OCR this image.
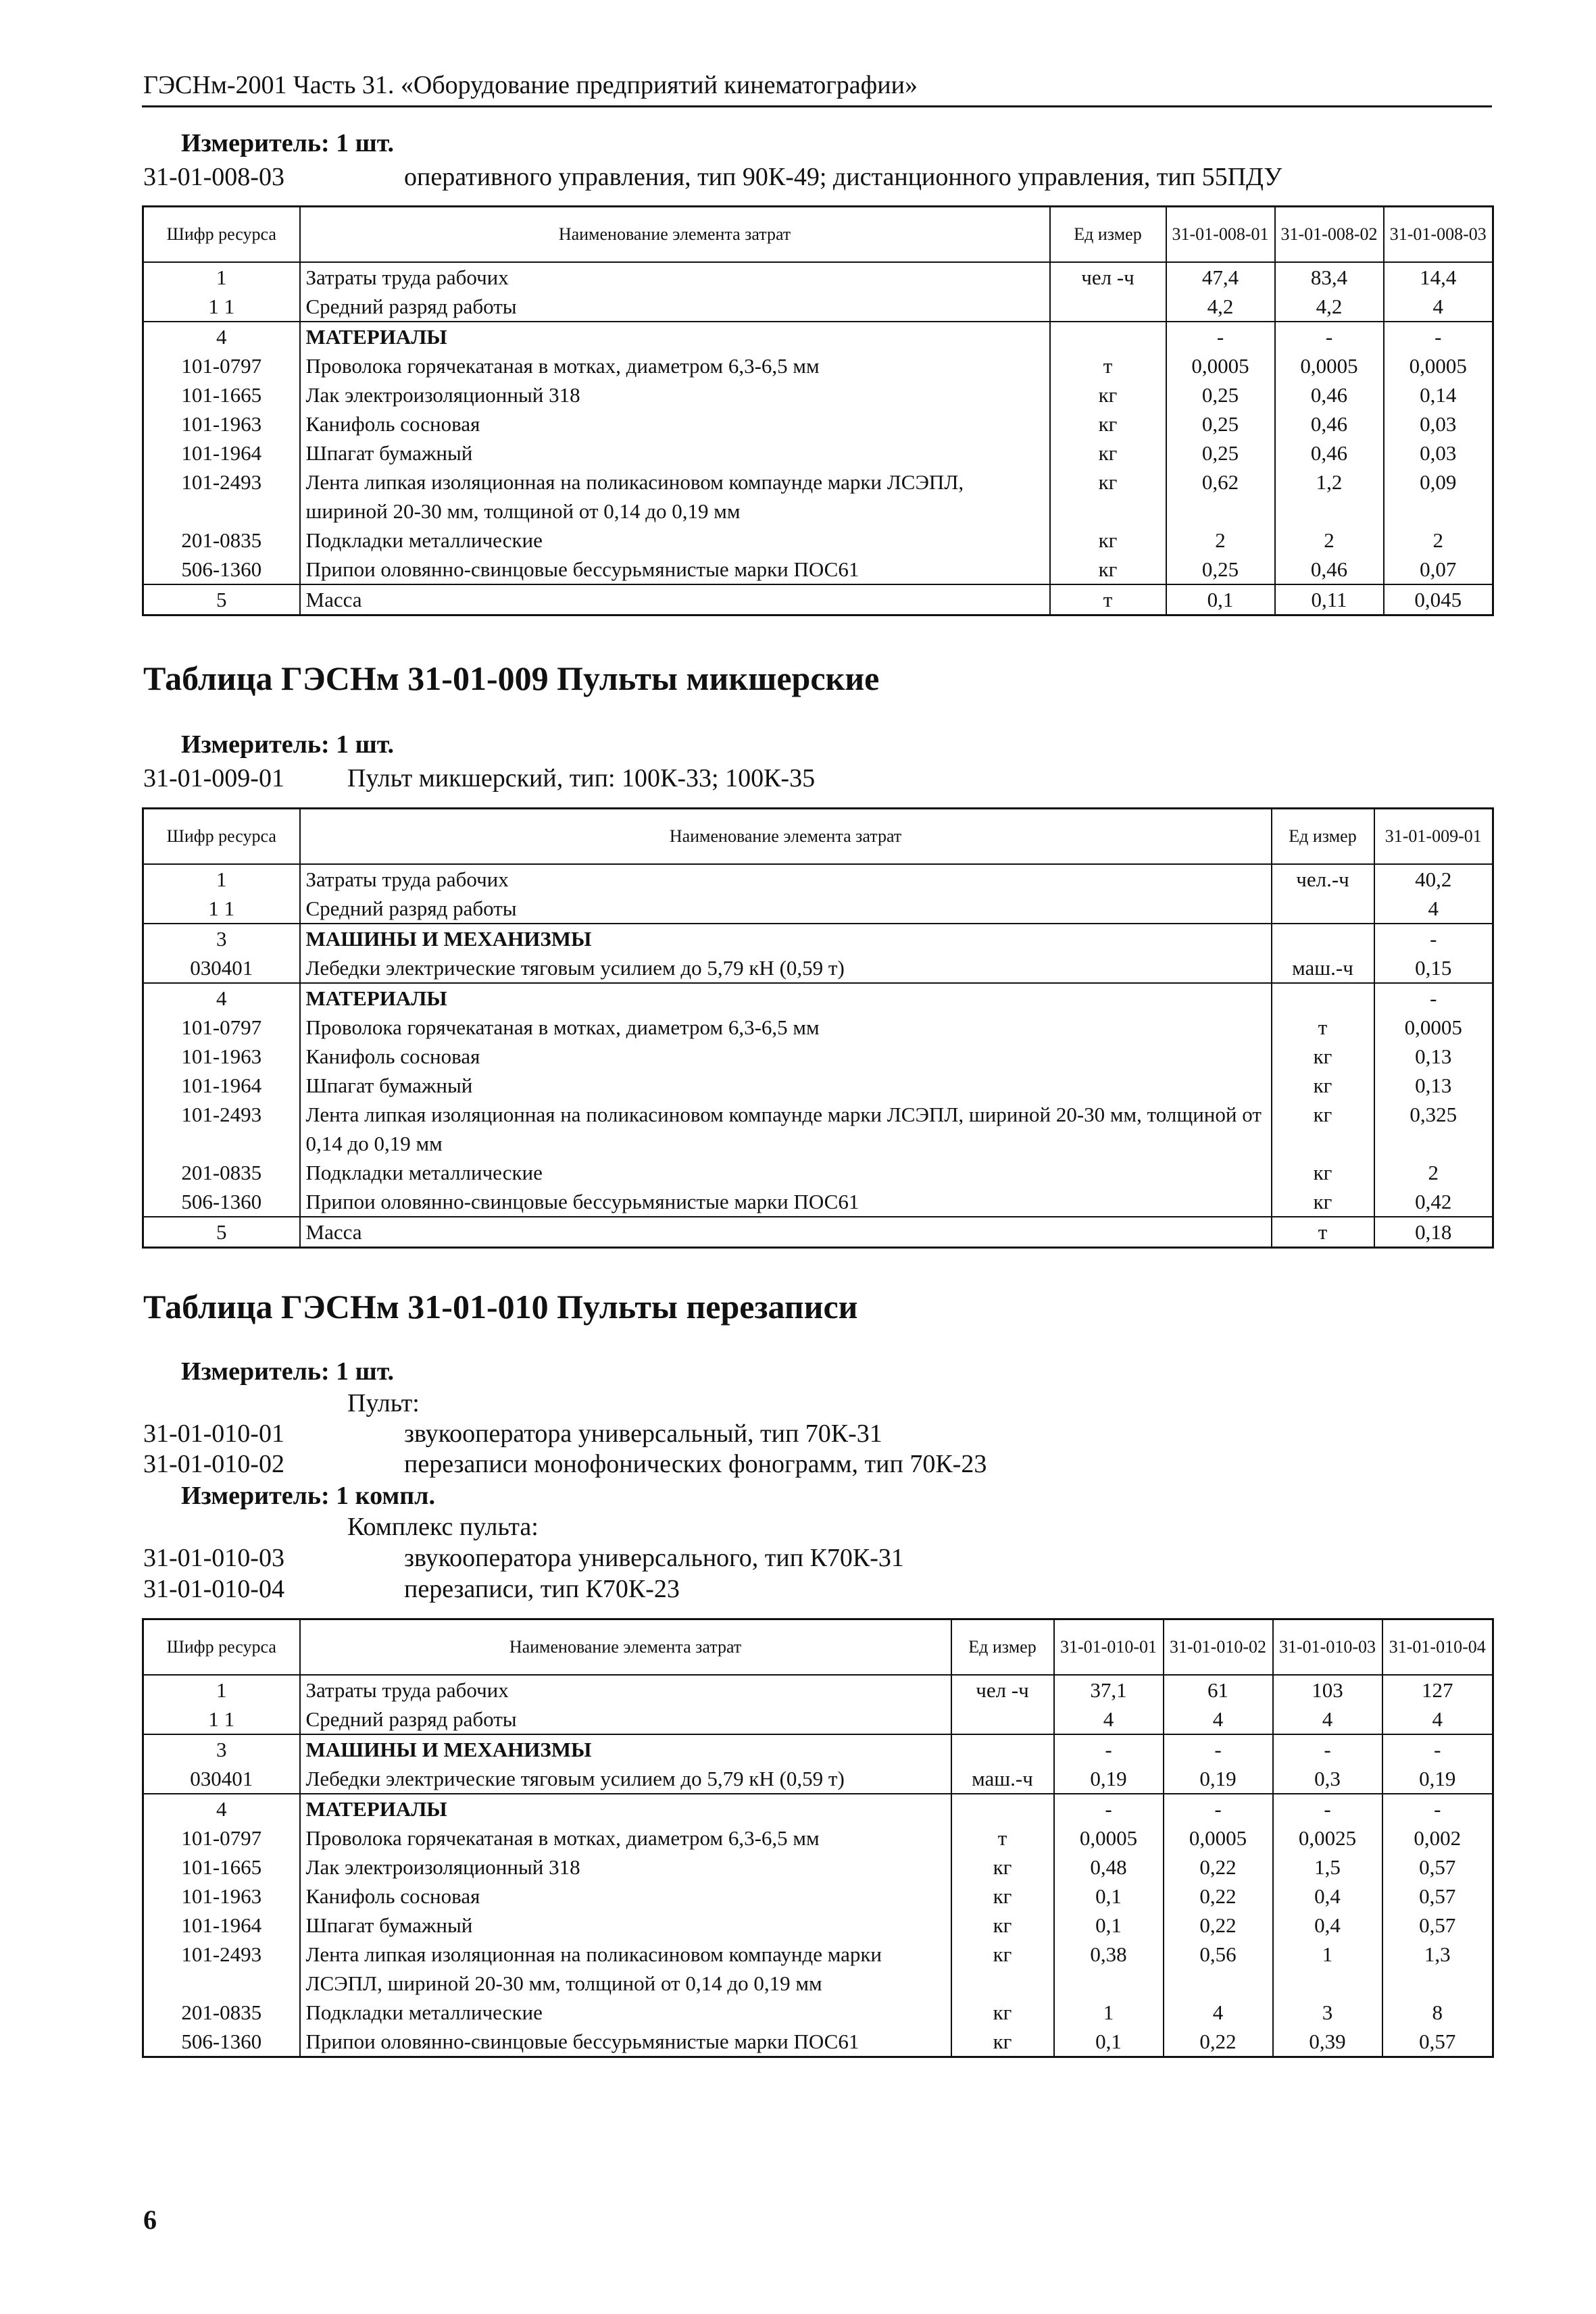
ГЭСНм-2001 Часть 31. «Оборудование предприятий кинематографии»
Измеритель: 1 шт.
31-01-008-03	оперативного управления, тип 90К-49; дистанционного управления, тип 55ПДУ
Шифр ресурса	Наименование элемента затрат	Ед измер	31-01-008-01	31-01-008-02	31-01-008-03
1	Затраты труда рабочих	чел -ч	47,4	83,4	14,4
1 1	Средний разряд работы		4,2	4,2	4
4	МАТЕРИАЛЫ		-	-	-
101-0797	Проволока горячекатаная в мотках, диаметром 6,3-6,5 мм	т	0,0005	0,0005	0,0005
101-1665	Лак электроизоляционный 318	кг	0,25	0,46	0,14
101-1963	Канифоль сосновая	кг	0,25	0,46	0,03
101-1964	Шпагат бумажный	кг	0,25	0,46	0,03
101-2493	Лента липкая изоляционная на поликасиновом компаунде марки ЛСЭПЛ, шириной 20-30 мм, толщиной от 0,14 до 0,19 мм	кг	0,62	1,2	0,09
201-0835	Подкладки металлические	кг	2	2	2
506-1360	Припои оловянно-свинцовые бессурьмянистые марки ПОС61	кг	0,25	0,46	0,07
5	Масса	т	0,1	0,11	0,045
Таблица ГЭСНм 31-01-009 Пульты микшерские
Измеритель: 1 шт.
31-01-009-01 Пульт микшерский, тип: 100К-33; 100К-35
Шифр ресурса	Наименование элемента затрат	Ед измер	31-01-009-01
1	Затраты труда рабочих	чел.-ч	40,2
1 1	Средний разряд работы		4
3	МАШИНЫ И МЕХАНИЗМЫ		-
030401	Лебедки электрические тяговым усилием до 5,79 кН (0,59 т)	маш.-ч	0,15
4	МАТЕРИАЛЫ		-
101-0797	Проволока горячекатаная в мотках, диаметром 6,3-6,5 мм	т	0,0005
101-1963	Канифоль сосновая	кг	0,13
101-1964	Шпагат бумажный	кг	0,13
101-2493	Лента липкая изоляционная на поликасиновом компаунде марки ЛСЭПЛ, шириной 20-30 мм, толщиной от 0,14 до 0,19 мм	кг	0,325
201-0835	Подкладки металлические	кг	2
506-1360	Припои оловянно-свинцовые бессурьмянистые марки ПОС61	кг	0,42
5	Масса	т	0,18
Таблица ГЭСНм 31-01-010 Пульты перезаписи
Измеритель: 1 шт.
Пульт:
31-01-010-01	звукооператора универсальный, тип 70К-31
31-01-010-02	перезаписи монофонических фонограмм, тип 70К-23
Измеритель: 1 компл.
Комплекс пульта:
31-01-010-03	звукооператора универсального, тип К70К-31
31-01-010-04	перезаписи, тип К70К-23
Шифр ресурса	Наименование элемента затрат	Ед измер	31-01-010-01	31-01-010-02	31-01-010-03	31-01-010-04
1	Затраты труда рабочих	чел -ч	37,1	61	103	127
1 1	Средний разряд работы		4	4	4	4
3	МАШИНЫ И МЕХАНИЗМЫ		-	-	-	-
030401	Лебедки электрические тяговым усилием до 5,79 кН (0,59 т)	маш.-ч	0,19	0,19	0,3	0,19
4	МАТЕРИАЛЫ		-	-	-	-
101-0797	Проволока горячекатаная в мотках, диаметром 6,3-6,5 мм	т	0,0005	0,0005	0,0025	0,002
101-1665	Лак электроизоляционный 318	кг	0,48	0,22	1,5	0,57
101-1963	Канифоль сосновая	кг	0,1	0,22	0,4	0,57
101-1964	Шпагат бумажный	кг	0,1	0,22	0,4	0,57
101-2493	Лента липкая изоляционная на поликасиновом компаунде марки ЛСЭПЛ, шириной 20-30 мм, толщиной от 0,14 до 0,19 мм	кг	0,38	0,56	1	1,3
201-0835	Подкладки металлические	кг	1	4	3	8
506-1360	Припои оловянно-свинцовые бессурьмянистые марки ПОС61	кг	0,1	0,22	0,39	0,57
6
